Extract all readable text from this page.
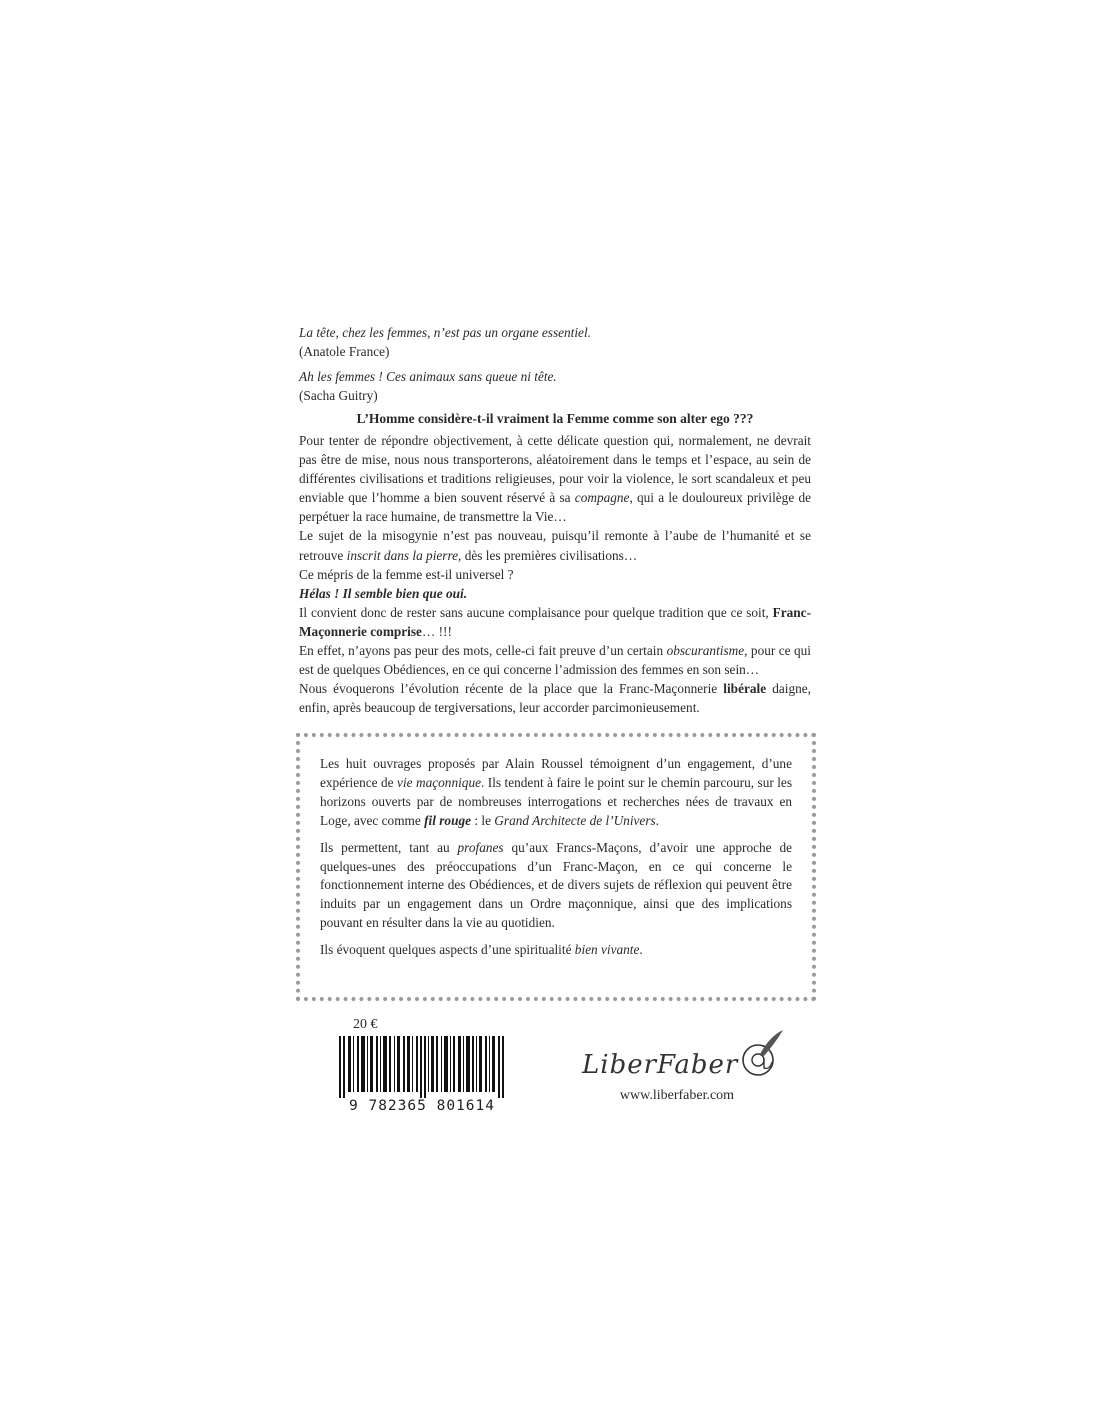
La tête, chez les femmes, n’est pas un organe essentiel.
(Anatole France)
Ah les femmes ! Ces animaux sans queue ni tête.
(Sacha Guitry)
L’Homme considère-t-il vraiment la Femme comme son alter ego ???

Pour tenter de répondre objectivement, à cette délicate question qui, normalement, ne devrait pas être de mise, nous nous transporterons, aléatoirement dans le temps et l’espace, au sein de différentes civilisations et traditions religieuses, pour voir la violence, le sort scandaleux et peu enviable que l’homme a bien souvent réservé à sa compagne, qui a le douloureux privilège de perpétuer la race humaine, de transmettre la Vie…

Le sujet de la misogynie n’est pas nouveau, puisqu’il remonte à l’aube de l’humanité et se retrouve inscrit dans la pierre, dès les premières civilisations…

Ce mépris de la femme est-il universel ?

Hélas ! Il semble bien que oui.

Il convient donc de rester sans aucune complaisance pour quelque tradition que ce soit, Franc-Maçonnerie comprise… !!!

En effet, n’ayons pas peur des mots, celle-ci fait preuve d’un certain obscurantisme, pour ce qui est de quelques Obédiences, en ce qui concerne l’admission des femmes en son sein…

Nous évoquerons l’évolution récente de la place que la Franc-Maçonnerie libérale daigne, enfin, après beaucoup de tergiversations, leur accorder parcimonieusement.

Les huit ouvrages proposés par Alain Roussel témoignent d’un engagement, d’une expérience de vie maçonnique. Ils tendent à faire le point sur le chemin parcouru, sur les horizons ouverts par de nombreuses interrogations et recherches nées de travaux en Loge, avec comme fil rouge : le Grand Architecte de l’Univers.

Ils permettent, tant au profanes qu’aux Francs-Maçons, d’avoir une approche de quelques-unes des préoccupations d’un Franc-Maçon, en ce qui concerne le fonctionnement interne des Obédiences, et de divers sujets de réflexion qui peuvent être induits par un engagement dans un Ordre maçonnique, ainsi que des implications pouvant en résulter dans la vie au quotidien.

Ils évoquent quelques aspects d’une spiritualité bien vivante.

20 €
9 782365 801614
LiberFaber
www.liberfaber.com
